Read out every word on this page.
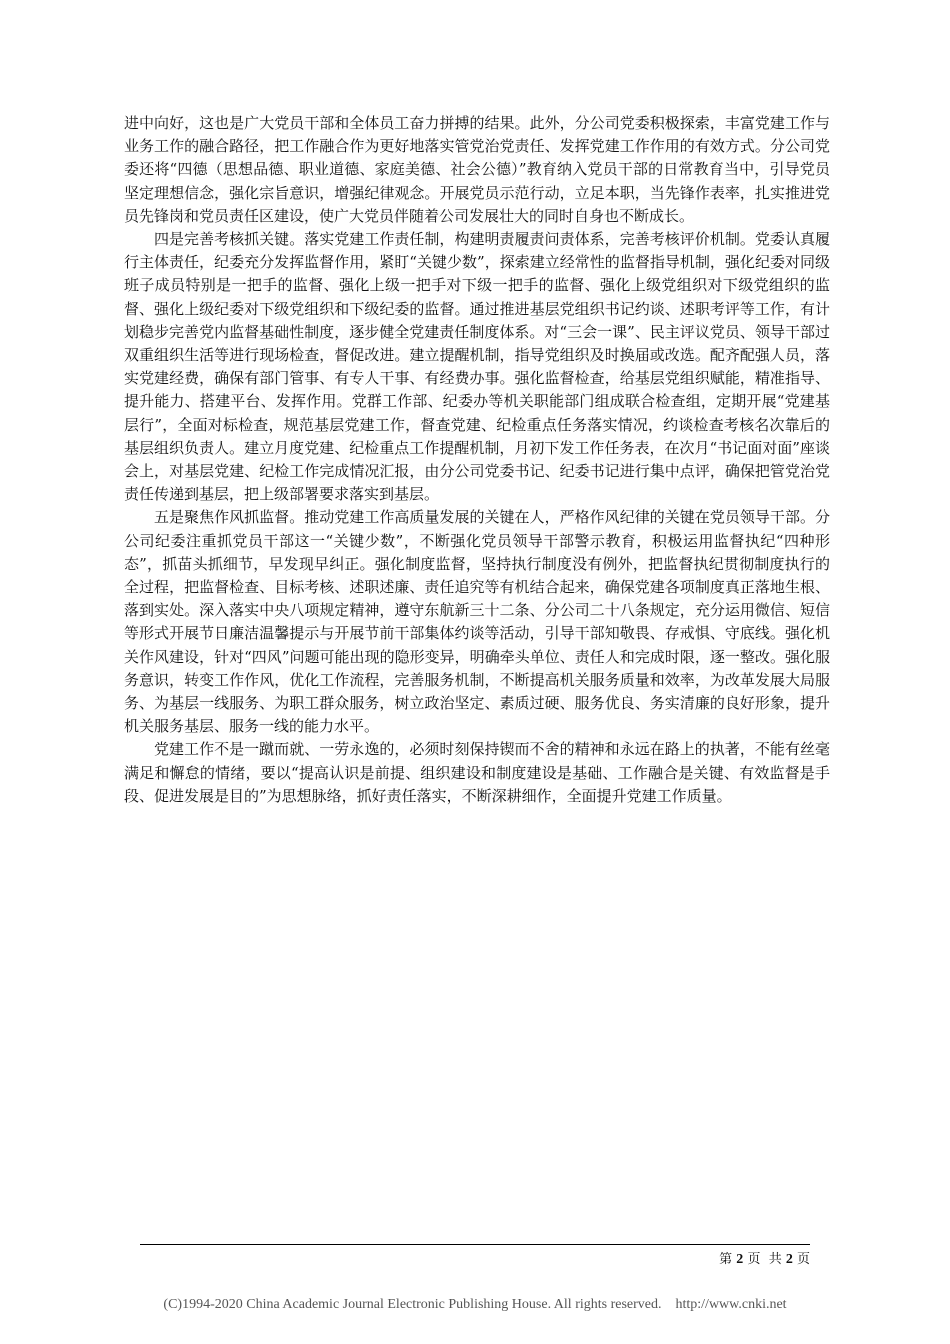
进中向好，这也是广大党员干部和全体员工奋力拼搏的结果。此外，分公司党委积极探索，丰富党建工作与业务工作的融合路径，把工作融合作为更好地落实管党治党责任、发挥党建工作作用的有效方式。分公司党委还将“四德（思想品德、职业道德、家庭美德、社会公德）”教育纳入党员干部的日常教育当中，引导党员坚定理想信念，强化宗旨意识，增强纪律观念。开展党员示范行动，立足本职，当先锋作表率，扎实推进党员先锋岗和党员责任区建设，使广大党员伴随着公司发展壮大的同时自身也不断成长。

四是完善考核抓关键。落实党建工作责任制，构建明责履责问责体系，完善考核评价机制。党委认真履行主体责任，纪委充分发挥监督作用，紧盯“关键少数”，探索建立经常性的监督指导机制，强化纪委对同级班子成员特别是一把手的监督、强化上级一把手对下级一把手的监督、强化上级党组织对下级党组织的监督、强化上级纪委对下级党组织和下级纪委的监督。通过推进基层党组织书记约谈、述职考评等工作，有计划稳步完善党内监督基础性制度，逐步健全党建责任制度体系。对“三会一课”、民主评议党员、领导干部过双重组织生活等进行现场检查，督促改进。建立提醒机制，指导党组织及时换届或改选。配齐配强人员，落实党建经费，确保有部门管事、有专人干事、有经费办事。强化监督检查，给基层党组织赋能，精准指导、提升能力、搭建平台、发挥作用。党群工作部、纪委办等机关职能部门组成联合检查组，定期开展“党建基层行”，全面对标检查，规范基层党建工作，督查党建、纪检重点任务落实情况，约谈检查考核名次靠后的基层组织负责人。建立月度党建、纪检重点工作提醒机制，月初下发工作任务表，在次月“书记面对面”座谈会上，对基层党建、纪检工作完成情况汇报，由分公司党委书记、纪委书记进行集中点评，确保把管党治党责任传递到基层，把上级部署要求落实到基层。

五是聚焦作风抓监督。推动党建工作高质量发展的关键在人，严格作风纪律的关键在党员领导干部。分公司纪委注重抓党员干部这一“关键少数”，不断强化党员领导干部警示教育，积极运用监督执纪“四种形态”，抓苗头抓细节，早发现早纠正。强化制度监督，坚持执行制度没有例外，把监督执纪贯彻制度执行的全过程，把监督检查、目标考核、述职述廉、责任追究等有机结合起来，确保党建各项制度真正落地生根、落到实处。深入落实中央八项规定精神，遵守东航新三十二条、分公司二十八条规定，充分运用微信、短信等形式开展节日廉洁温馨提示与开展节前干部集体约谈等活动，引导干部知敬畏、存戒惧、守底线。强化机关作风建设，针对“四风”问题可能出现的隐形变异，明确牵头单位、责任人和完成时限，逐一整改。强化服务意识，转变工作作风，优化工作流程，完善服务机制，不断提高机关服务质量和效率，为改革发展大局服务、为基层一线服务、为职工群众服务，树立政治坚定、素质过硬、服务优良、务实清廉的良好形象，提升机关服务基层、服务一线的能力水平。

党建工作不是一蹴而就、一劳永逸的，必须时刻保持锲而不舍的精神和永远在路上的执著，不能有丝毫满足和懈怠的情绪，要以“提高认识是前提、组织建设和制度建设是基础、工作融合是关键、有效监督是手段、促进发展是目的”为思想脉络，抓好责任落实，不断深耕细作，全面提升党建工作质量。

第 2 页  共 2 页
(C)1994-2020 China Academic Journal Electronic Publishing House. All rights reserved.    http://www.cnki.net
